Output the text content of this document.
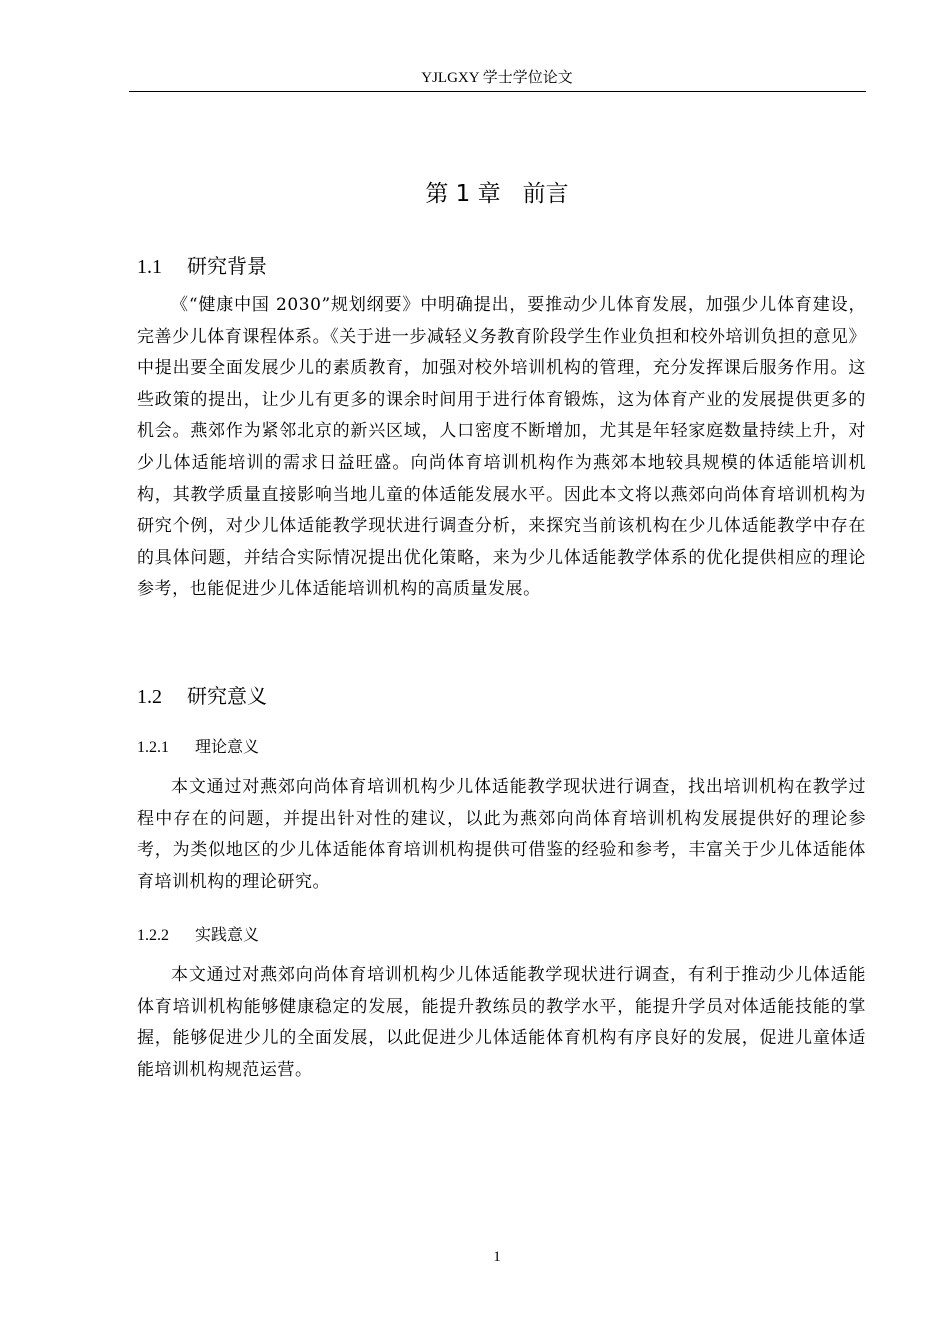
YJLGXY 学士学位论文
第 1 章 前言
1.1 研究背景
《“健康中国 2030”规划纲要》中明确提出，要推动少儿体育发展，加强少儿体育建设，完善少儿体育课程体系。《关于进一步减轻义务教育阶段学生作业负担和校外培训负担的意见》中提出要全面发展少儿的素质教育，加强对校外培训机构的管理，充分发挥课后服务作用。这些政策的提出，让少儿有更多的课余时间用于进行体育锻炼，这为体育产业的发展提供更多的机会。燕郊作为紧邻北京的新兴区域，人口密度不断增加，尤其是年轻家庭数量持续上升，对少儿体适能培训的需求日益旺盛。向尚体育培训机构作为燕郊本地较具规模的体适能培训机构，其教学质量直接影响当地儿童的体适能发展水平。因此本文将以燕郊向尚体育培训机构为研究个例，对少儿体适能教学现状进行调查分析，来探究当前该机构在少儿体适能教学中存在的具体问题，并结合实际情况提出优化策略，来为少儿体适能教学体系的优化提供相应的理论参考，也能促进少儿体适能培训机构的高质量发展。
1.2 研究意义
1.2.1 理论意义
本文通过对燕郊向尚体育培训机构少儿体适能教学现状进行调查，找出培训机构在教学过程中存在的问题，并提出针对性的建议，以此为燕郊向尚体育培训机构发展提供好的理论参考，为类似地区的少儿体适能体育培训机构提供可借鉴的经验和参考，丰富关于少儿体适能体育培训机构的理论研究。
1.2.2 实践意义
本文通过对燕郊向尚体育培训机构少儿体适能教学现状进行调查，有利于推动少儿体适能体育培训机构能够健康稳定的发展，能提升教练员的教学水平，能提升学员对体适能技能的掌握，能够促进少儿的全面发展，以此促进少儿体适能体育机构有序良好的发展，促进儿童体适能培训机构规范运营。
1
